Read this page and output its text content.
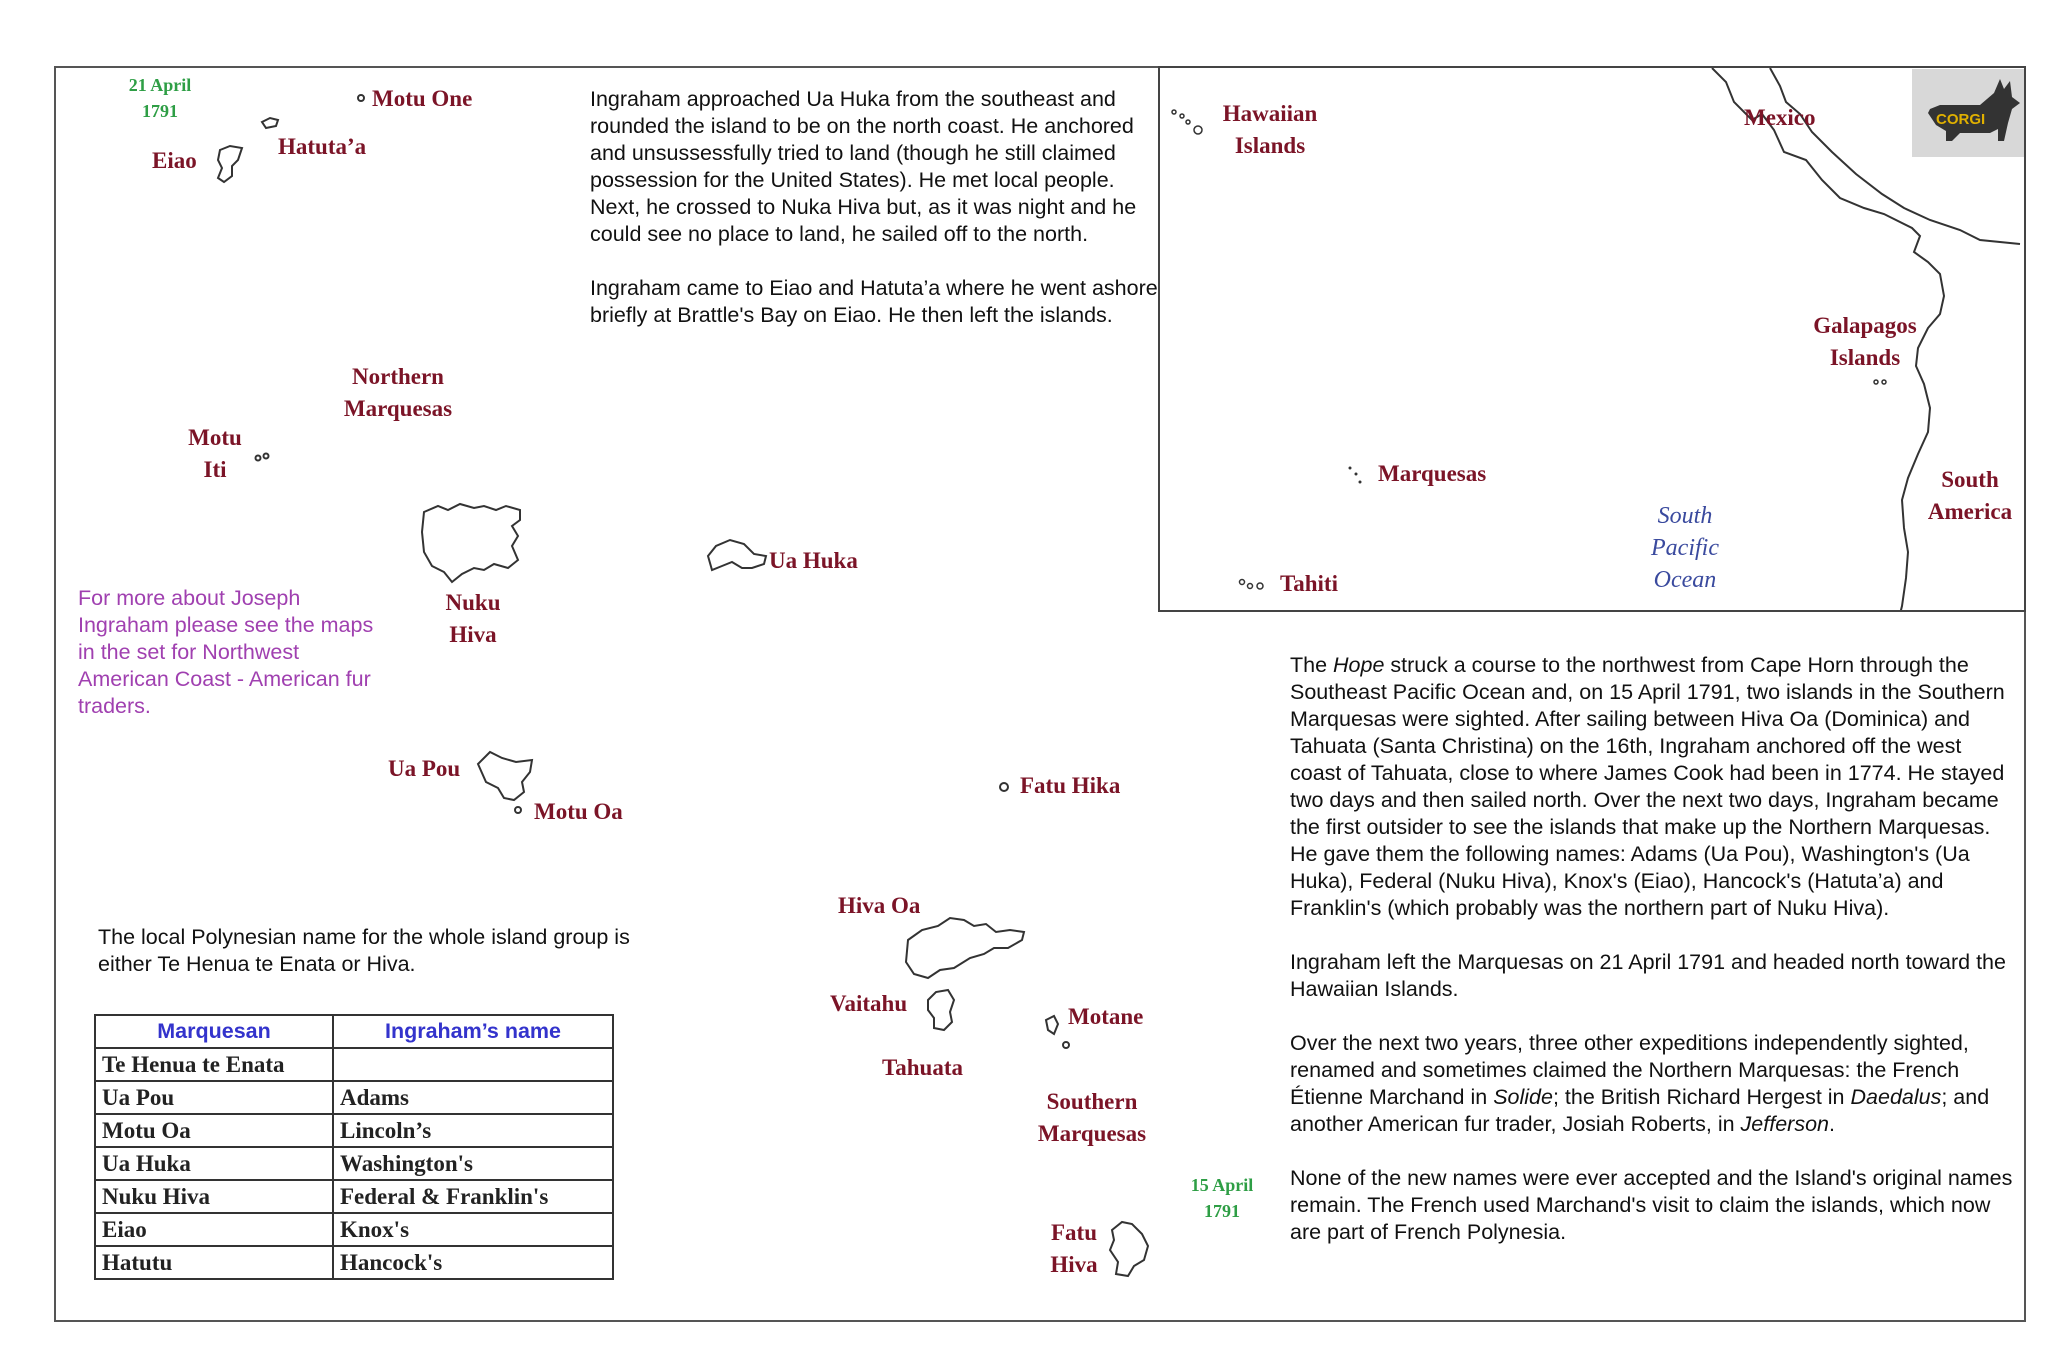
21 April
1791
15 April
1791
Motu One
Eiao
Hatuta’a
Northern
Marquesas
Motu
Iti
Nuku
Hiva
Ua Huka
Ua Pou
Motu Oa
Fatu Hika
Hiva Oa
Vaitahu
Tahuata
Motane
Southern
Marquesas
Fatu
Hiva

Ingraham approached Ua Huka from the southeast and rounded the island to be on the north coast. He anchored and unsussessfully tried to land (though he still claimed possession for the United States). He met local people. Next, he crossed to Nuka Hiva but, as it was night and he could see no place to land, he sailed off to the north.

Ingraham came to Eiao and Hatuta’a where he went ashore briefly at Brattle's Bay on Eiao. He then left the islands.

For more about Joseph Ingraham please see the maps in the set for Northwest American Coast - American fur traders.
The local Polynesian name for the whole island group is either Te Henua te Enata or Hiva.
Marquesan	Ingraham’s name
Te Henua te Enata	
Ua Pou	Adams
Motu Oa	Lincoln’s
Ua Huka	Washington's
Nuku Hiva	Federal & Franklin's
Eiao	Knox's
Hatutu	Hancock's

The Hope struck a course to the northwest from Cape Horn through the Southeast Pacific Ocean and, on 15 April 1791, two islands in the Southern Marquesas were sighted. After sailing between Hiva Oa (Dominica) and Tahuata (Santa Christina) on the 16th, Ingraham anchored off the west coast of Tahuata, close to where James Cook had been in 1774. He stayed two days and then sailed north. Over the next two days, Ingraham became the first outsider to see the islands that make up the Northern Marquesas. He gave them the following names: Adams (Ua Pou), Washington's (Ua Huka), Federal (Nuku Hiva), Knox's (Eiao), Hancock's (Hatuta’a) and Franklin's (which probably was the northern part of Nuku Hiva).

Ingraham left the Marquesas on 21 April 1791 and headed north toward the Hawaiian Islands.

Over the next two years, three other expeditions independently sighted, renamed and sometimes claimed the Northern Marquesas: the French Étienne Marchand in Solide; the British Richard Hergest in Daedalus; and another American fur trader, Josiah Roberts, in Jefferson.

None of the new names were ever accepted and the Island's original names remain. The French used Marchand's visit to claim the islands, which now are part of French Polynesia.

Hawaiian
Islands
Mexico
Galapagos
Islands
Marquesas	South
America
South
Pacific
Ocean
Tahiti
CORGI
